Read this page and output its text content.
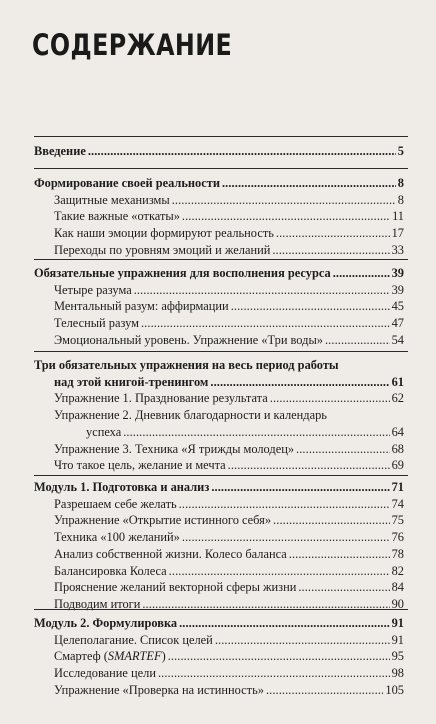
СОДЕРЖАНИЕ
Введение . . .	5
Формирование своей реальности . . .	8
Защитные механизмы . . .	8
Такие важные «откаты» . . .	11
Как наши эмоции формируют реальность . . .	17
Переходы по уровням эмоций и желаний . . .	33
Обязательные упражнения для восполнения ресурса . . .	39
Четыре разума . . .	39
Ментальный разум: аффирмации . . .	45
Телесный разум . . .	47
Эмоциональный уровень. Упражнение «Три воды» . . .	54
Три обязательных упражнения на весь период работы
над этой книгой-тренингом . . .	61
Упражнение 1. Празднование результата . . .	62
Упражнение 2. Дневник благодарности и календарь
успеха . . .	64
Упражнение 3. Техника «Я трижды молодец» . . .	68
Что такое цель, желание и мечта . . .	69
Модуль 1. Подготовка и анализ . . .	71
Разрешаем себе желать . . .	74
Упражнение «Открытие истинного себя» . . .	75
Техника «100 желаний» . . .	76
Анализ собственной жизни. Колесо баланса . . .	78
Балансировка Колеса . . .	82
Прояснение желаний векторной сферы жизни . . .	84
Подводим итоги . . .	90
Модуль 2. Формулировка . . .	91
Целеполагание. Список целей . . .	91
Смартеф (SMARTEF) . . .	95
Исследование цели . . .	98
Упражнение «Проверка на истинность» . . .	105
